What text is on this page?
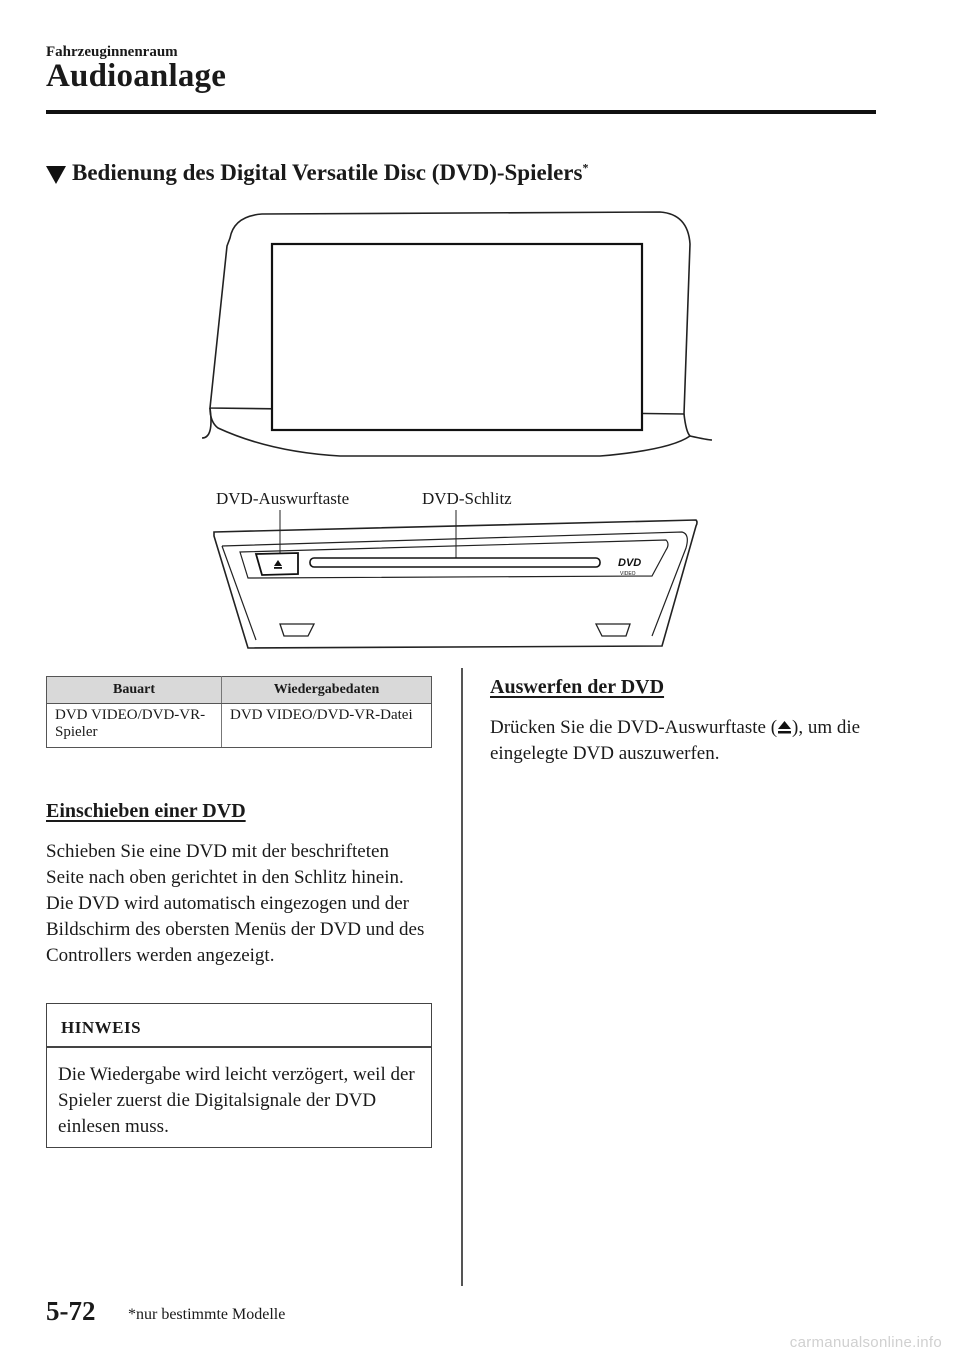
Fahrzeuginnenraum
Audioanlage
Bedienung des Digital Versatile Disc (DVD)-Spielers*
DVD-Auswurftaste	DVD-Schlitz
DVD
VIDEO
Bauart	Wiedergabedaten
DVD VIDEO/DVD-VR-Spieler	DVD VIDEO/DVD-VR-Datei
Einschieben einer DVD
Schieben Sie eine DVD mit der beschrifteten Seite nach oben gerichtet in den Schlitz hinein. Die DVD wird automatisch eingezogen und der Bildschirm des obersten Menüs der DVD und des Controllers werden angezeigt.
HINWEIS
Die Wiedergabe wird leicht verzögert, weil der Spieler zuerst die Digitalsignale der DVD einlesen muss.
Auswerfen der DVD
Drücken Sie die DVD-Auswurftaste ( ), um die eingelegte DVD auszuwerfen.
5-72 *nur bestimmte Modelle
carmanualsonline.info
